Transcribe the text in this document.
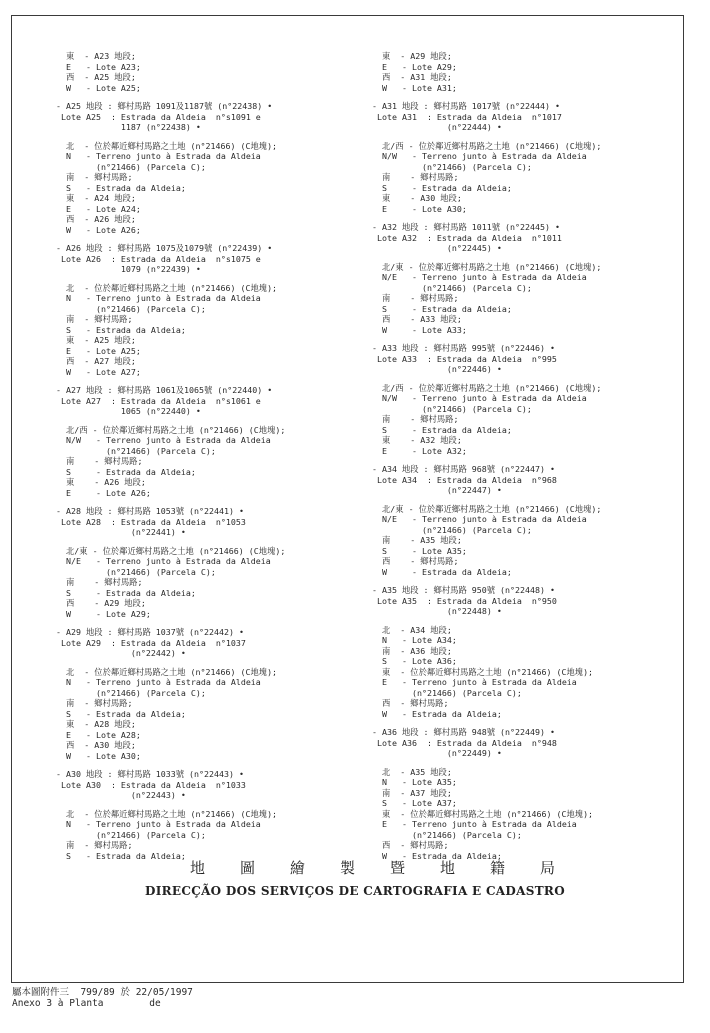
東  - A23 地段;
E   - Lote A23;
西  - A25 地段;
W   - Lote A25;
- A25 地段 : 鄉村馬路 1091及1187號 (n°22438) •
Lote A25  : Estrada da Aldeia  n°s1091 e
1187 (n°22438) •
北  - 位於鄰近鄉村馬路之土地 (n°21466) (C地塊);
N   - Terreno junto à Estrada da Aldeia
(n°21466) (Parcela C);
南  - 鄉村馬路;
S   - Estrada da Aldeia;
東  - A24 地段;
E   - Lote A24;
西  - A26 地段;
W   - Lote A26;
- A26 地段 : 鄉村馬路 1075及1079號 (n°22439) •
Lote A26  : Estrada da Aldeia  n°s1075 e
1079 (n°22439) •
北  - 位於鄰近鄉村馬路之土地 (n°21466) (C地塊);
N   - Terreno junto à Estrada da Aldeia
(n°21466) (Parcela C);
南  - 鄉村馬路;
S   - Estrada da Aldeia;
東  - A25 地段;
E   - Lote A25;
西  - A27 地段;
W   - Lote A27;
- A27 地段 : 鄉村馬路 1061及1065號 (n°22440) •
Lote A27  : Estrada da Aldeia  n°s1061 e
1065 (n°22440) •
北/西 - 位於鄰近鄉村馬路之土地 (n°21466) (C地塊);
N/W   - Terreno junto à Estrada da Aldeia
(n°21466) (Parcela C);
南    - 鄉村馬路;
S     - Estrada da Aldeia;
東    - A26 地段;
E     - Lote A26;
- A28 地段 : 鄉村馬路 1053號 (n°22441) •
Lote A28  : Estrada da Aldeia  n°1053
(n°22441) •
北/東 - 位於鄰近鄉村馬路之土地 (n°21466) (C地塊);
N/E   - Terreno junto à Estrada da Aldeia
(n°21466) (Parcela C);
南    - 鄉村馬路;
S     - Estrada da Aldeia;
西    - A29 地段;
W     - Lote A29;
- A29 地段 : 鄉村馬路 1037號 (n°22442) •
Lote A29  : Estrada da Aldeia  n°1037
(n°22442) •
北  - 位於鄰近鄉村馬路之土地 (n°21466) (C地塊);
N   - Terreno junto à Estrada da Aldeia
(n°21466) (Parcela C);
南  - 鄉村馬路;
S   - Estrada da Aldeia;
東  - A28 地段;
E   - Lote A28;
西  - A30 地段;
W   - Lote A30;
- A30 地段 : 鄉村馬路 1033號 (n°22443) •
Lote A30  : Estrada da Aldeia  n°1033
(n°22443) •
北  - 位於鄰近鄉村馬路之土地 (n°21466) (C地塊);
N   - Terreno junto à Estrada da Aldeia
(n°21466) (Parcela C);
南  - 鄉村馬路;
S   - Estrada da Aldeia;
東  - A29 地段;
E   - Lote A29;
西  - A31 地段;
W   - Lote A31;
- A31 地段 : 鄉村馬路 1017號 (n°22444) •
Lote A31  : Estrada da Aldeia  n°1017
(n°22444) •
北/西 - 位於鄰近鄉村馬路之土地 (n°21466) (C地塊);
N/W   - Terreno junto à Estrada da Aldeia
(n°21466) (Parcela C);
南    - 鄉村馬路;
S     - Estrada da Aldeia;
東    - A30 地段;
E     - Lote A30;
- A32 地段 : 鄉村馬路 1011號 (n°22445) •
Lote A32  : Estrada da Aldeia  n°1011
(n°22445) •
北/東 - 位於鄰近鄉村馬路之土地 (n°21466) (C地塊);
N/E   - Terreno junto à Estrada da Aldeia
(n°21466) (Parcela C);
南    - 鄉村馬路;
S     - Estrada da Aldeia;
西    - A33 地段;
W     - Lote A33;
- A33 地段 : 鄉村馬路 995號 (n°22446) •
Lote A33  : Estrada da Aldeia  n°995
(n°22446) •
北/西 - 位於鄰近鄉村馬路之土地 (n°21466) (C地塊);
N/W   - Terreno junto à Estrada da Aldeia
(n°21466) (Parcela C);
南    - 鄉村馬路;
S     - Estrada da Aldeia;
東    - A32 地段;
E     - Lote A32;
- A34 地段 : 鄉村馬路 968號 (n°22447) •
Lote A34  : Estrada da Aldeia  n°968
(n°22447) •
北/東 - 位於鄰近鄉村馬路之土地 (n°21466) (C地塊);
N/E   - Terreno junto à Estrada da Aldeia
(n°21466) (Parcela C);
南    - A35 地段;
S     - Lote A35;
西    - 鄉村馬路;
W     - Estrada da Aldeia;
- A35 地段 : 鄉村馬路 950號 (n°22448) •
Lote A35  : Estrada da Aldeia  n°950
(n°22448) •
北  - A34 地段;
N   - Lote A34;
南  - A36 地段;
S   - Lote A36;
東  - 位於鄰近鄉村馬路之土地 (n°21466) (C地塊);
E   - Terreno junto à Estrada da Aldeia
(n°21466) (Parcela C);
西  - 鄉村馬路;
W   - Estrada da Aldeia;
- A36 地段 : 鄉村馬路 948號 (n°22449) •
Lote A36  : Estrada da Aldeia  n°948
(n°22449) •
北  - A35 地段;
N   - Lote A35;
南  - A37 地段;
S   - Lote A37;
東  - 位於鄰近鄉村馬路之土地 (n°21466) (C地塊);
E   - Terreno junto à Estrada da Aldeia
(n°21466) (Parcela C);
西  - 鄉村馬路;
W   - Estrada da Aldeia;
地圖繪製暨地籍局
DIRECÇÃO DOS SERVIÇOS DE CARTOGRAFIA E CADASTRO
屬本圖附件三  799/89 於 22/05/1997
Anexo 3 à Planta        de
